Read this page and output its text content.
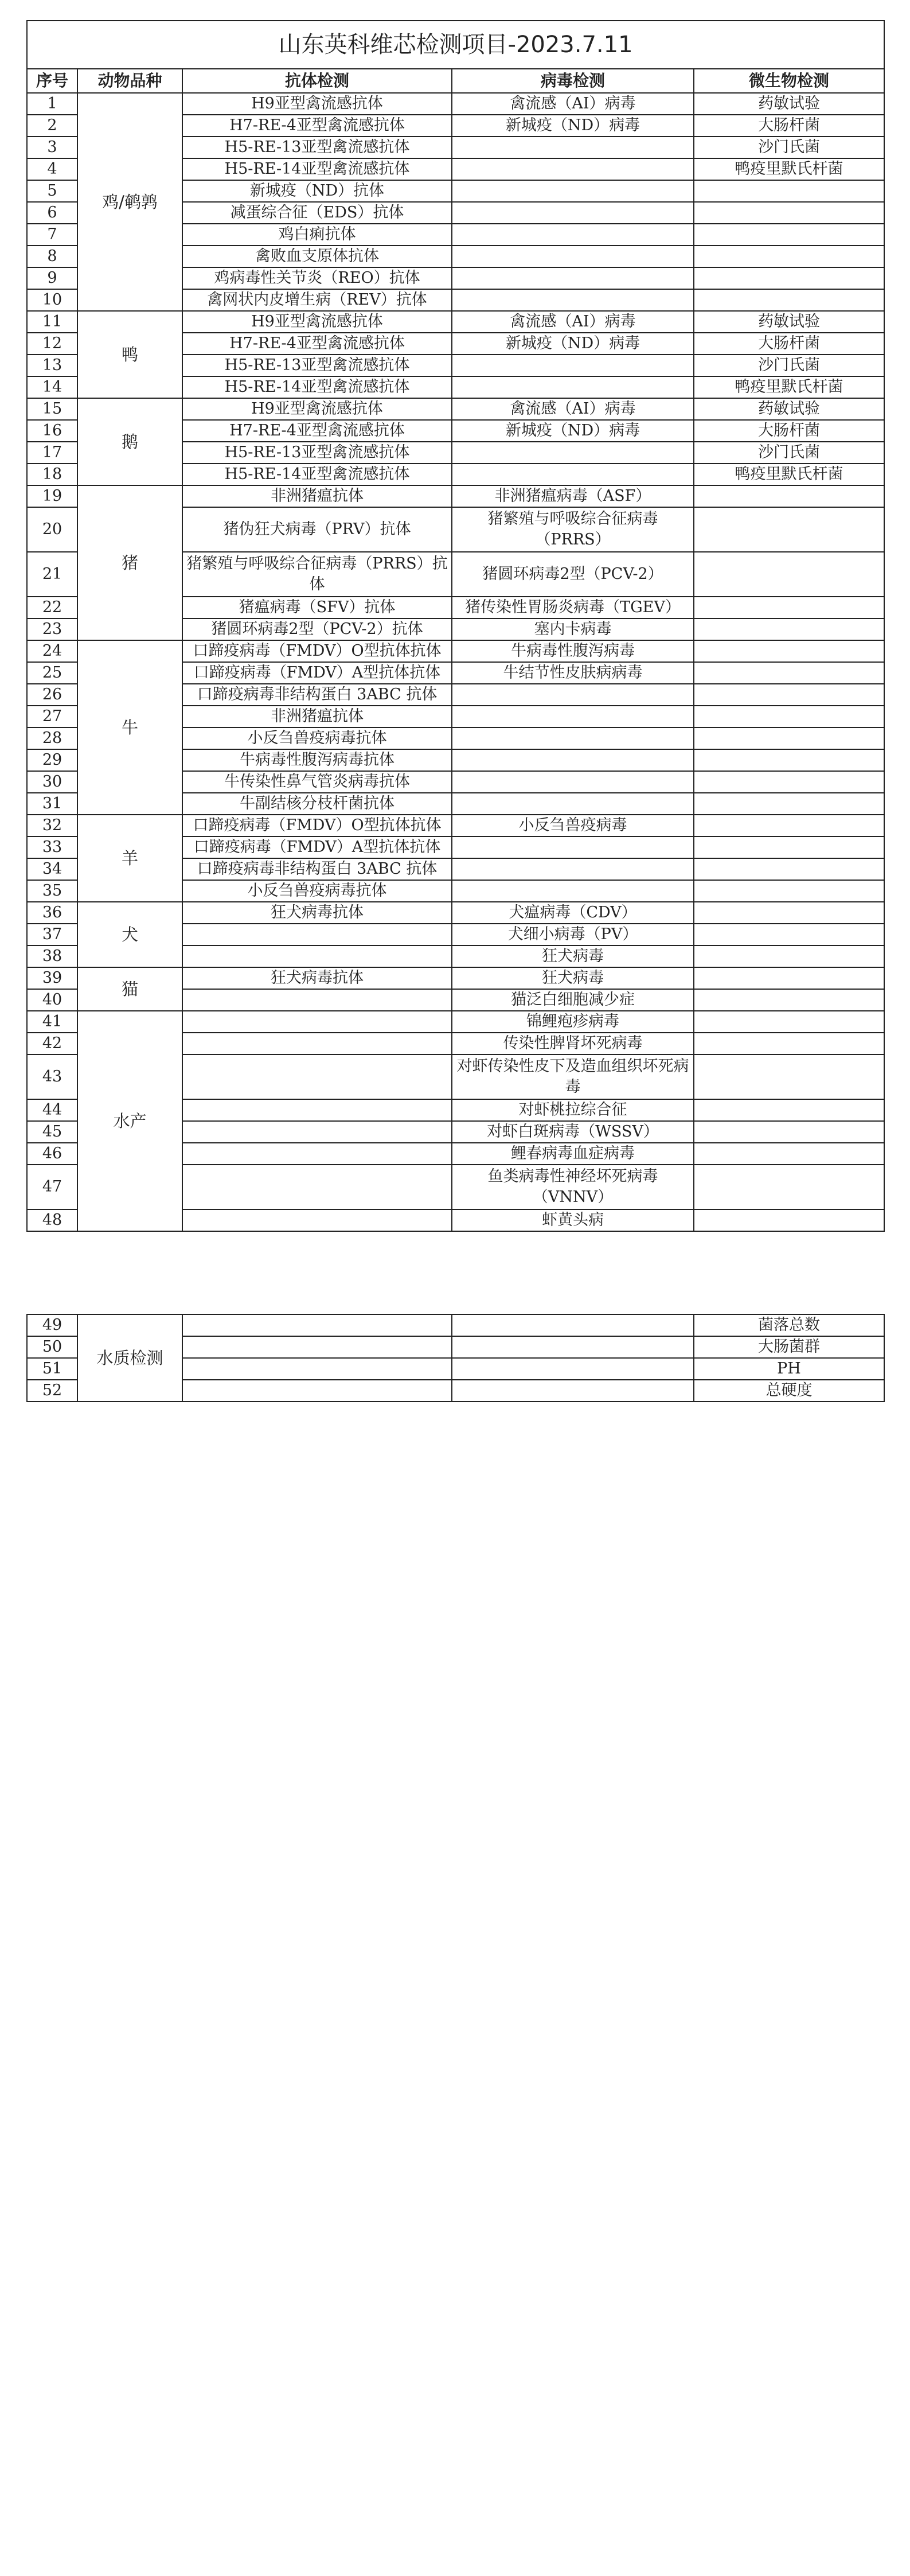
山东英科维芯检测项目-2023.7.11				
序号	动物品种	抗体检测	病毒检测	微生物检测
1	鸡/鹌鹑	H9亚型禽流感抗体	禽流感（AI）病毒	药敏试验
2		H7-RE-4亚型禽流感抗体	新城疫（ND）病毒	大肠杆菌
3		H5-RE-13亚型禽流感抗体		沙门氏菌
4		H5-RE-14亚型禽流感抗体		鸭疫里默氏杆菌
5		新城疫（ND）抗体		
6		减蛋综合征（EDS）抗体		
7		鸡白痢抗体		
8		禽败血支原体抗体		
9		鸡病毒性关节炎（REO）抗体		
10		禽网状内皮增生病（REV）抗体		
11	鸭	H9亚型禽流感抗体	禽流感（AI）病毒	药敏试验
12		H7-RE-4亚型禽流感抗体	新城疫（ND）病毒	大肠杆菌
13		H5-RE-13亚型禽流感抗体		沙门氏菌
14		H5-RE-14亚型禽流感抗体		鸭疫里默氏杆菌
15	鹅	H9亚型禽流感抗体	禽流感（AI）病毒	药敏试验
16		H7-RE-4亚型禽流感抗体	新城疫（ND）病毒	大肠杆菌
17		H5-RE-13亚型禽流感抗体		沙门氏菌
18		H5-RE-14亚型禽流感抗体		鸭疫里默氏杆菌
19	猪	非洲猪瘟抗体	非洲猪瘟病毒（ASF）	
20		猪伪狂犬病毒（PRV）抗体	猪繁殖与呼吸综合征病毒（PRRS）	
21		猪繁殖与呼吸综合征病毒（PRRS）抗体	猪圆环病毒2型（PCV-2）	
22		猪瘟病毒（SFV）抗体	猪传染性胃肠炎病毒（TGEV）	
23		猪圆环病毒2型（PCV-2）抗体	塞内卡病毒	
24	牛	口蹄疫病毒（FMDV）O型抗体抗体	牛病毒性腹泻病毒	
25		口蹄疫病毒（FMDV）A型抗体抗体	牛结节性皮肤病病毒	
26		口蹄疫病毒非结构蛋白 3ABC 抗体		
27		非洲猪瘟抗体		
28		小反刍兽疫病毒抗体		
29		牛病毒性腹泻病毒抗体		
30		牛传染性鼻气管炎病毒抗体		
31		牛副结核分枝杆菌抗体		
32	羊	口蹄疫病毒（FMDV）O型抗体抗体	小反刍兽疫病毒	
33		口蹄疫病毒（FMDV）A型抗体抗体		
34		口蹄疫病毒非结构蛋白 3ABC 抗体		
35		小反刍兽疫病毒抗体		
36	犬	狂犬病毒抗体	犬瘟病毒（CDV）	
37			犬细小病毒（PV）	
38			狂犬病毒	
39	猫	狂犬病毒抗体	狂犬病毒	
40			猫泛白细胞减少症	
41	水产		锦鲤疱疹病毒	
42			传染性脾肾坏死病毒	
43			对虾传染性皮下及造血组织坏死病毒	
44			对虾桃拉综合征	
45			对虾白斑病毒（WSSV）	
46			鲤春病毒血症病毒	
47			鱼类病毒性神经坏死病毒（VNNV）	
48			虾黄头病	
49	水质检测			菌落总数
50				大肠菌群
51				PH
52				总硬度
